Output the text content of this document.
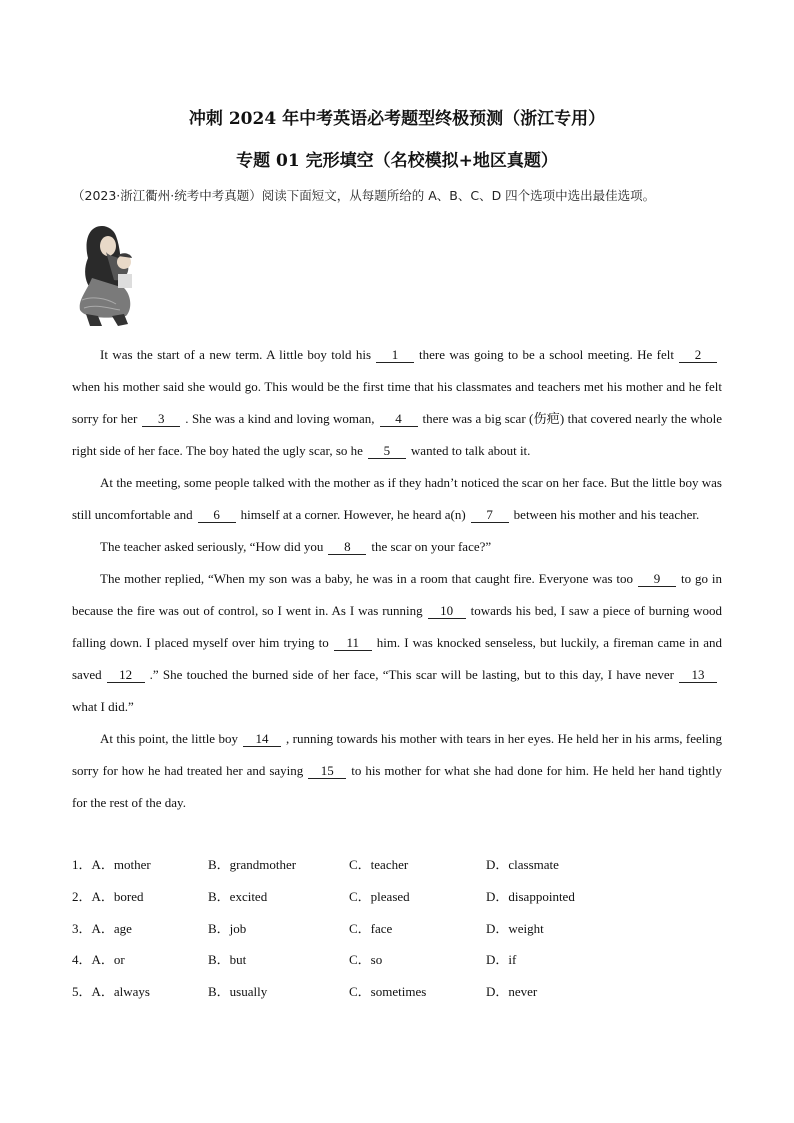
冲刺 2024 年中考英语必考题型终极预测（浙江专用）
专题 01 完形填空（名校模拟+地区真题）
（2023·浙江衢州·统考中考真题）阅读下面短文，从每题所给的 A、B、C、D 四个选项中选出最佳选项。

It was the start of a new term. A little boy told his 1 there was going to be a school meeting. He felt 2when his mother said she would go. This would be the first time that his classmates and teachers met his mother and he felt sorry for her 3 . She was a kind and loving woman, 4 there was a big scar (伤疤) that covered nearly the whole right side of her face. The boy hated the ugly scar, so he 5 wanted to talk about it.

At the meeting, some people talked with the mother as if they hadn’t noticed the scar on her face. But the little boy was still uncomfortable and 6 himself at a corner. However, he heard a(n) 7 between his mother and his teacher.

The teacher asked seriously, “How did you 8 the scar on your face?”

The mother replied, “When my son was a baby, he was in a room that caught fire. Everyone was too 9 to go in because the fire was out of control, so I went in. As I was running 10 towards his bed, I saw a piece of burning wood falling down. I placed myself over him trying to 11 him. I was knocked senseless, but luckily, a fireman came in and saved 12 .” She touched the burned side of her face, “This scar will be lasting, but to this day, I have never 13what I did.”

At this point, the little boy 14 , running towards his mother with tears in her eyes. He held her in his arms, feeling sorry for how he had treated her and saying 15 to his mother for what she had done for him. He held her hand tightly for the rest of the day.

1．A．mother	B．grandmother	C．teacher	D．classmate
2．A．bored	B．excited	C．pleased	D．disappointed
3．A．age	B．job	C．face	D．weight
4．A．or	B．but	C．so	D．if
5．A．always	B．usually	C．sometimes	D．never
